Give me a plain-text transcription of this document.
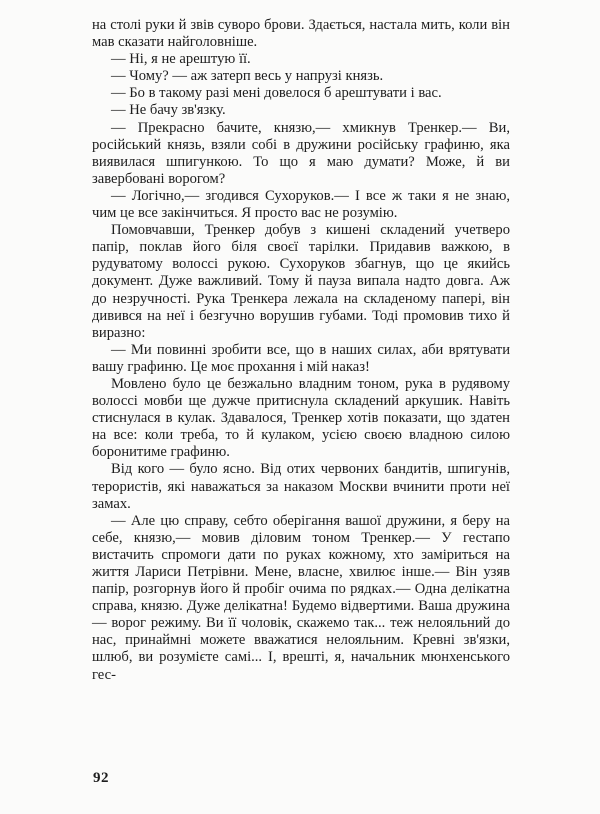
на столі руки й звів суворо брови. Здається, настала мить, коли він мав сказати найголовніше.

— Ні, я не арештую її.

— Чому? — аж затерп весь у напрузі князь.

— Бо в такому разі мені довелося б арештувати і вас.

— Не бачу зв'язку.

— Прекрасно бачите, князю,— хмикнув Тренкер.— Ви, російський князь, взяли собі в дружини російську графиню, яка виявилася шпигункою. То що я маю думати? Може, й ви завербовані ворогом?

— Логічно,— згодився Сухоруков.— І все ж таки я не знаю, чим це все закінчиться. Я просто вас не розумію.

Помовчавши, Тренкер добув з кишені складений учетверо папір, поклав його біля своєї тарілки. Придавив важкою, в рудуватому волоссі рукою. Сухоруков збагнув, що це якийсь документ. Дуже важливий. Тому й пауза випала надто довга. Аж до незручності. Рука Тренкера лежала на складеному папері, він дивився на неї і безгучно ворушив губами. Тоді промовив тихо й виразно:

— Ми повинні зробити все, що в наших силах, аби врятувати вашу графиню. Це моє прохання і мій наказ!

Мовлено було це безжально владним тоном, рука в рудявому волоссі мовби ще дужче притиснула складений аркушик. Навіть стиснулася в кулак. Здавалося, Тренкер хотів показати, що здатен на все: коли треба, то й кулаком, усією своєю владною силою боронитиме графиню.

Від кого — було ясно. Від отих червоних бандитів, шпигунів, терористів, які наважаться за наказом Москви вчинити проти неї замах.

— Але цю справу, себто оберігання вашої дружини, я беру на себе, князю,— мовив діловим тоном Тренкер.— У гестапо вистачить спромоги дати по руках кожному, хто заміриться на життя Лариси Петрівни. Мене, власне, хвилює інше.— Він узяв папір, розгорнув його й пробіг очима по рядках.— Одна делікатна справа, князю. Дуже делікатна! Будемо відвертими. Ваша дружина — ворог режиму. Ви її чоловік, скажемо так... теж нелояльний до нас, принаймні можете вважатися нелояльним. Кревні зв'язки, шлюб, ви розумієте самі... І, врешті, я, начальник мюнхенського гес-

92
